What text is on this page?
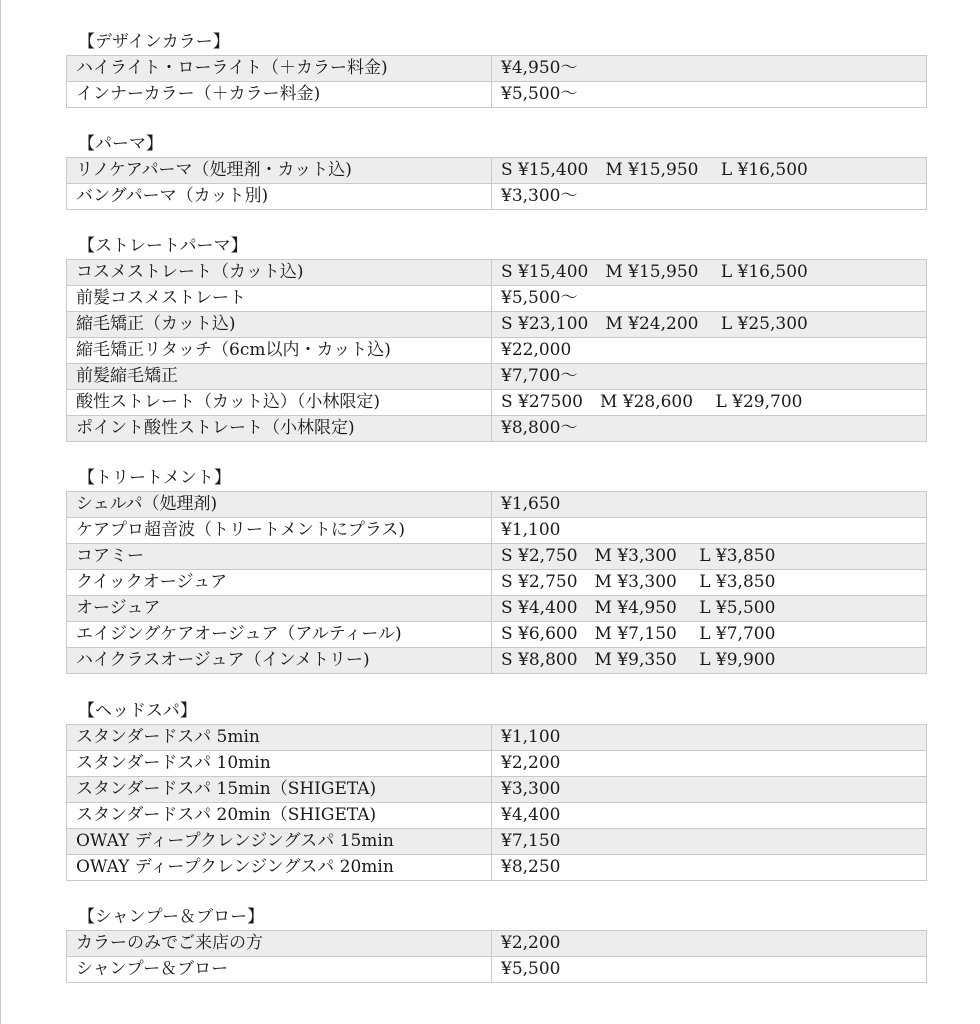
【デザインカラー】
ハイライト・ローライト（＋カラー料金)	¥4,950〜
インナーカラー（＋カラー料金)	¥5,500〜
【パーマ】
リノケアパーマ（処理剤・カット込)	S ¥15,400　M ¥15,950　 L ¥16,500
バングパーマ（カット別)	¥3,300〜
【ストレートパーマ】
コスメストレート（カット込)	S ¥15,400　M ¥15,950　 L ¥16,500
前髪コスメストレート	¥5,500〜
縮毛矯正（カット込)	S ¥23,100　M ¥24,200　 L ¥25,300
縮毛矯正リタッチ（6cm以内・カット込)	¥22,000
前髪縮毛矯正	¥7,700〜
酸性ストレート（カット込）（小林限定)	S ¥27500　M ¥28,600　 L ¥29,700
ポイント酸性ストレート（小林限定)	¥8,800〜
【トリートメント】
シェルパ（処理剤)	¥1,650
ケアプロ超音波（トリートメントにプラス)	¥1,100
コアミー	S ¥2,750　M ¥3,300　 L ¥3,850
クイックオージュア	S ¥2,750　M ¥3,300　 L ¥3,850
オージュア	S ¥4,400　M ¥4,950　 L ¥5,500
エイジングケアオージュア（アルティール)	S ¥6,600　M ¥7,150　 L ¥7,700
ハイクラスオージュア（インメトリー)	S ¥8,800　M ¥9,350　 L ¥9,900
【ヘッドスパ】
スタンダードスパ 5min	¥1,100
スタンダードスパ 10min	¥2,200
スタンダードスパ 15min（SHIGETA)	¥3,300
スタンダードスパ 20min（SHIGETA)	¥4,400
OWAY ディープクレンジングスパ 15min	¥7,150
OWAY ディープクレンジングスパ 20min	¥8,250
【シャンプー＆ブロー】
カラーのみでご来店の方	¥2,200
シャンプー＆ブロー	¥5,500
